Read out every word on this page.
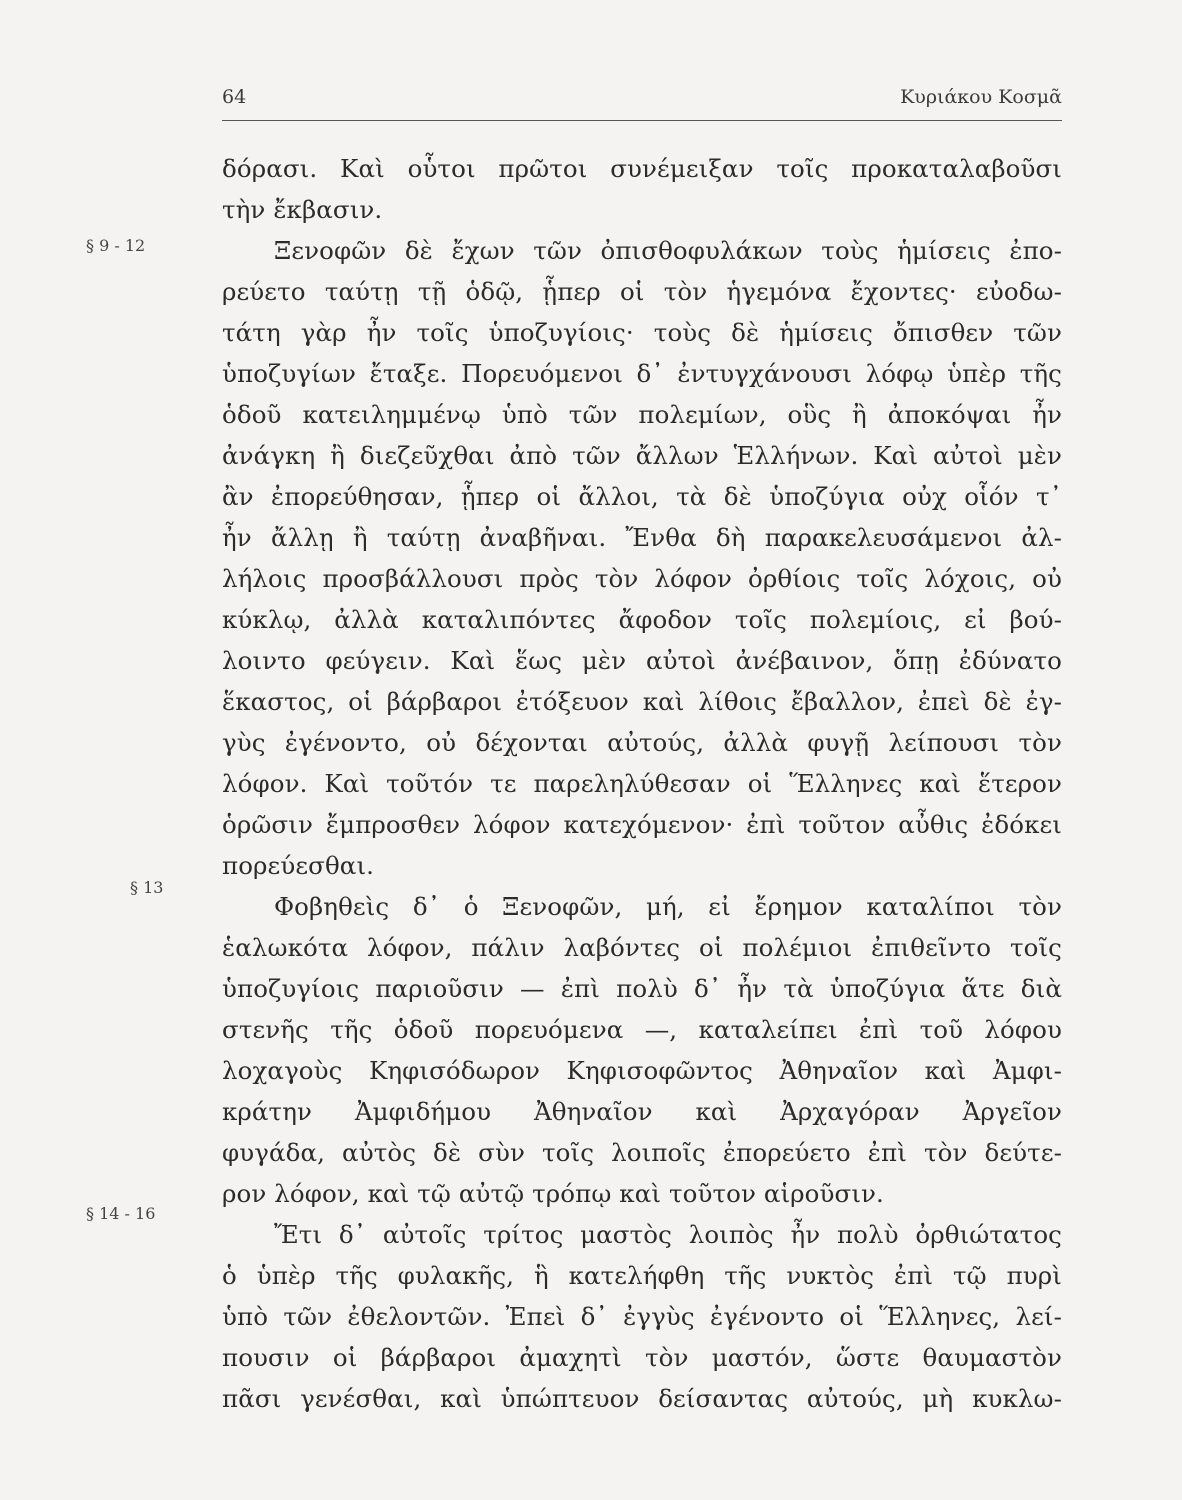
64	Κυριάκου Κοσμᾶ
§ 9 - 12
§ 13
§ 14 - 16
δόρασι. Καὶ οὗτοι πρῶτοι συνέμειξαν τοῖς προκαταλαβοῦσι
τὴν ἔκβασιν.
Ξενοφῶν δὲ ἔχων τῶν ὀπισθοφυλάκων τοὺς ἡμίσεις ἐπο-
ρεύετο ταύτῃ τῇ ὁδῷ, ᾗπερ οἱ τὸν ἡγεμόνα ἔχοντες· εὐοδω-
τάτη γὰρ ἦν τοῖς ὑποζυγίοις· τοὺς δὲ ἡμίσεις ὄπισθεν τῶν
ὑποζυγίων ἔταξε. Πορευόμενοι δ᾽ ἐντυγχάνουσι λόφῳ ὑπὲρ τῆς
ὁδοῦ κατειλημμένῳ ὑπὸ τῶν πολεμίων, οὓς ἢ ἀποκόψαι ἦν
ἀνάγκη ἢ διεζεῦχθαι ἀπὸ τῶν ἄλλων Ἑλλήνων. Καὶ αὐτοὶ μὲν
ἂν ἐπορεύθησαν, ᾗπερ οἱ ἄλλοι, τὰ δὲ ὑποζύγια οὐχ οἷόν τ᾽
ἦν ἄλλῃ ἢ ταύτῃ ἀναβῆναι. Ἔνθα δὴ παρακελευσάμενοι ἀλ-
λήλοις προσβάλλουσι πρὸς τὸν λόφον ὀρθίοις τοῖς λόχοις, οὐ
κύκλῳ, ἀλλὰ καταλιπόντες ἄφοδον τοῖς πολεμίοις, εἰ βού-
λοιντο φεύγειν. Καὶ ἕως μὲν αὐτοὶ ἀνέβαινον, ὅπῃ ἐδύνατο
ἕκαστος, οἱ βάρβαροι ἐτόξευον καὶ λίθοις ἔβαλλον, ἐπεὶ δὲ ἐγ-
γὺς ἐγένοντο, οὐ δέχονται αὐτούς, ἀλλὰ φυγῇ λείπουσι τὸν
λόφον. Καὶ τοῦτόν τε παρεληλύθεσαν οἱ Ἕλληνες καὶ ἕτερον
ὁρῶσιν ἔμπροσθεν λόφον κατεχόμενον· ἐπὶ τοῦτον αὖθις ἐδόκει
πορεύεσθαι.
Φοβηθεὶς δ᾽ ὁ Ξενοφῶν, μή, εἰ ἔρημον καταλίποι τὸν
ἑαλωκότα λόφον, πάλιν λαβόντες οἱ πολέμιοι ἐπιθεῖντο τοῖς
ὑποζυγίοις παριοῦσιν — ἐπὶ πολὺ δ᾽ ἦν τὰ ὑποζύγια ἅτε διὰ
στενῆς τῆς ὁδοῦ πορευόμενα —, καταλείπει ἐπὶ τοῦ λόφου
λοχαγοὺς Κηφισόδωρον Κηφισοφῶντος Ἀθηναῖον καὶ Ἀμφι-
κράτην Ἀμφιδήμου Ἀθηναῖον καὶ Ἀρχαγόραν Ἀργεῖον
φυγάδα, αὐτὸς δὲ σὺν τοῖς λοιποῖς ἐπορεύετο ἐπὶ τὸν δεύτε-
ρον λόφον, καὶ τῷ αὐτῷ τρόπῳ καὶ τοῦτον αἱροῦσιν.
Ἔτι δ᾽ αὐτοῖς τρίτος μαστὸς λοιπὸς ἦν πολὺ ὀρθιώτατος
ὁ ὑπὲρ τῆς φυλακῆς, ἣ κατελήφθη τῆς νυκτὸς ἐπὶ τῷ πυρὶ
ὑπὸ τῶν ἐθελοντῶν. Ἐπεὶ δ᾽ ἐγγὺς ἐγένοντο οἱ Ἕλληνες, λεί-
πουσιν οἱ βάρβαροι ἀμαχητὶ τὸν μαστόν, ὥστε θαυμαστὸν
πᾶσι γενέσθαι, καὶ ὑπώπτευον δείσαντας αὐτούς, μὴ κυκλω-
